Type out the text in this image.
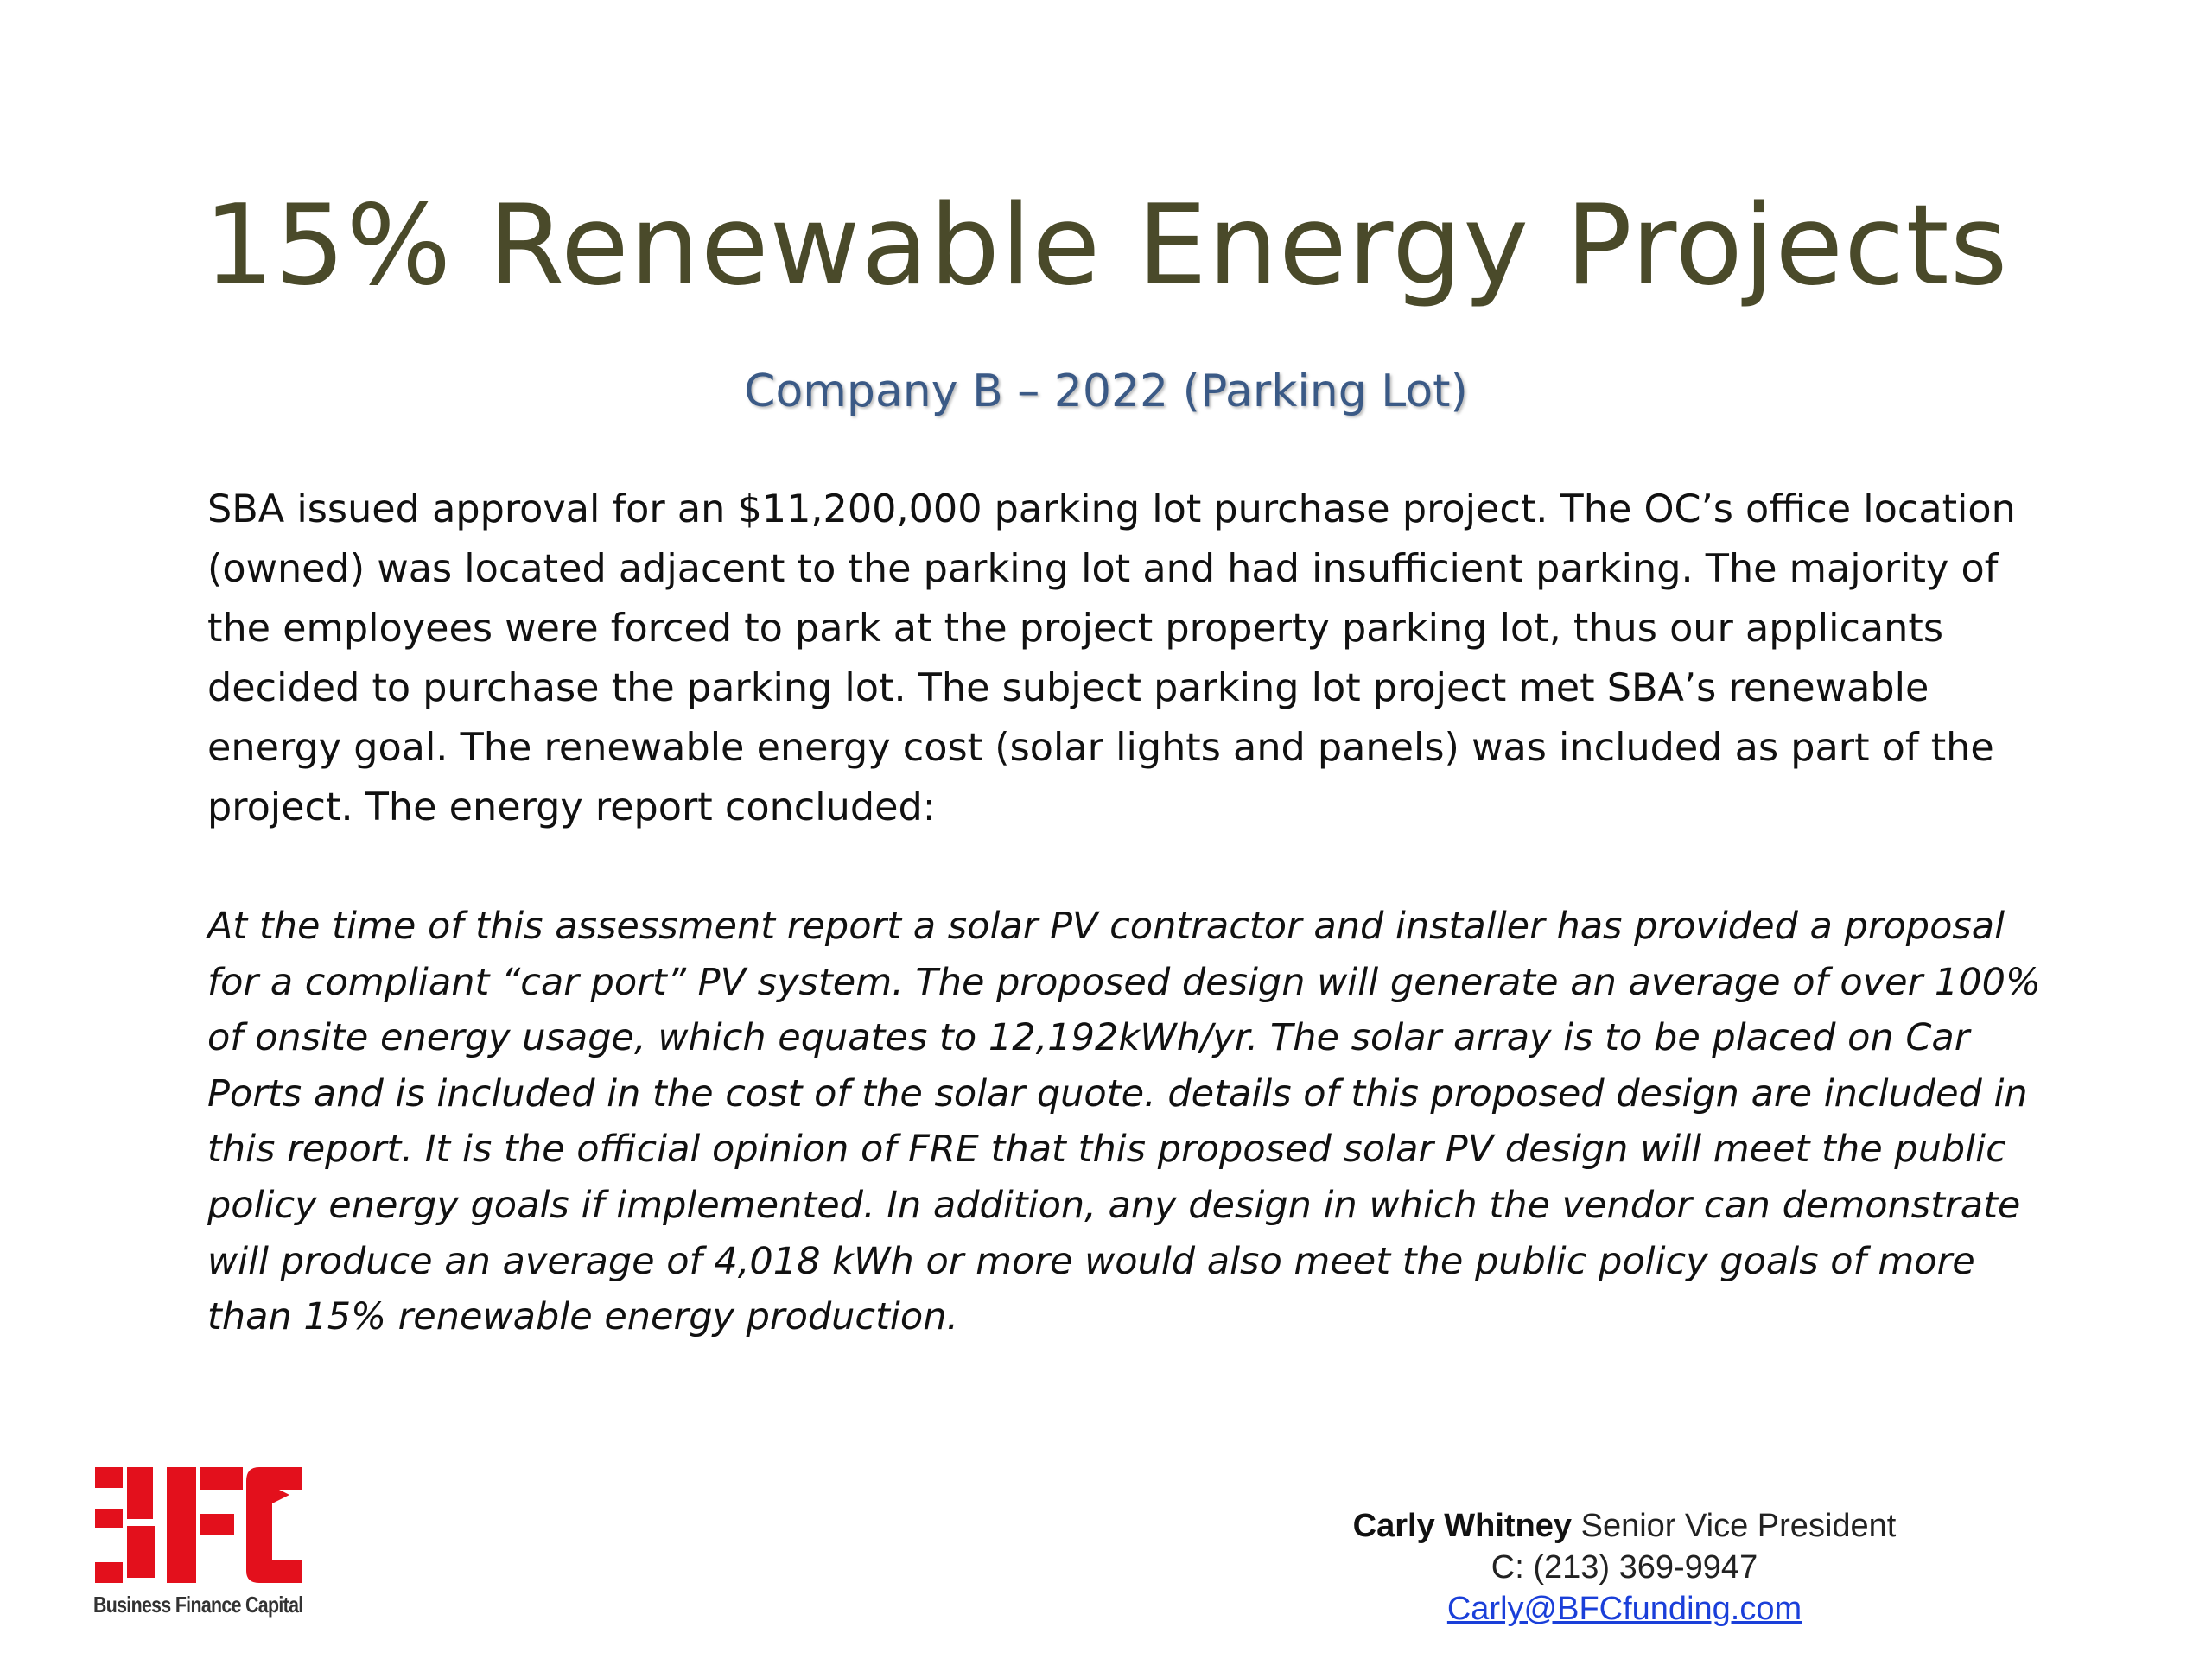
15% Renewable Energy Projects
Company B – 2022 (Parking Lot)

SBA issued approval for an $11,200,000 parking lot purchase project. The OC’s office location (owned) was located adjacent to the parking lot and had insufficient parking. The majority of the employees were forced to park at the project property parking lot, thus our applicants decided to purchase the parking lot. The subject parking lot project met SBA’s renewable energy goal. The renewable energy cost (solar lights and panels) was included as part of the project. The energy report concluded:

At the time of this assessment report a solar PV contractor and installer has provided a proposal for a compliant “car port” PV system. The proposed design will generate an average of over 100% of onsite energy usage, which equates to 12,192kWh/yr. The solar array is to be placed on Car Ports and is included in the cost of the solar quote. details of this proposed design are included in this report. It is the official opinion of FRE that this proposed solar PV design will meet the public policy energy goals if implemented. In addition, any design in which the vendor can demonstrate will produce an average of 4,018 kWh or more would also meet the public policy goals of more than 15% renewable energy production.

Business Finance Capital
Carly Whitney Senior Vice President
C: (213) 369-9947
Carly@BFCfunding.com
